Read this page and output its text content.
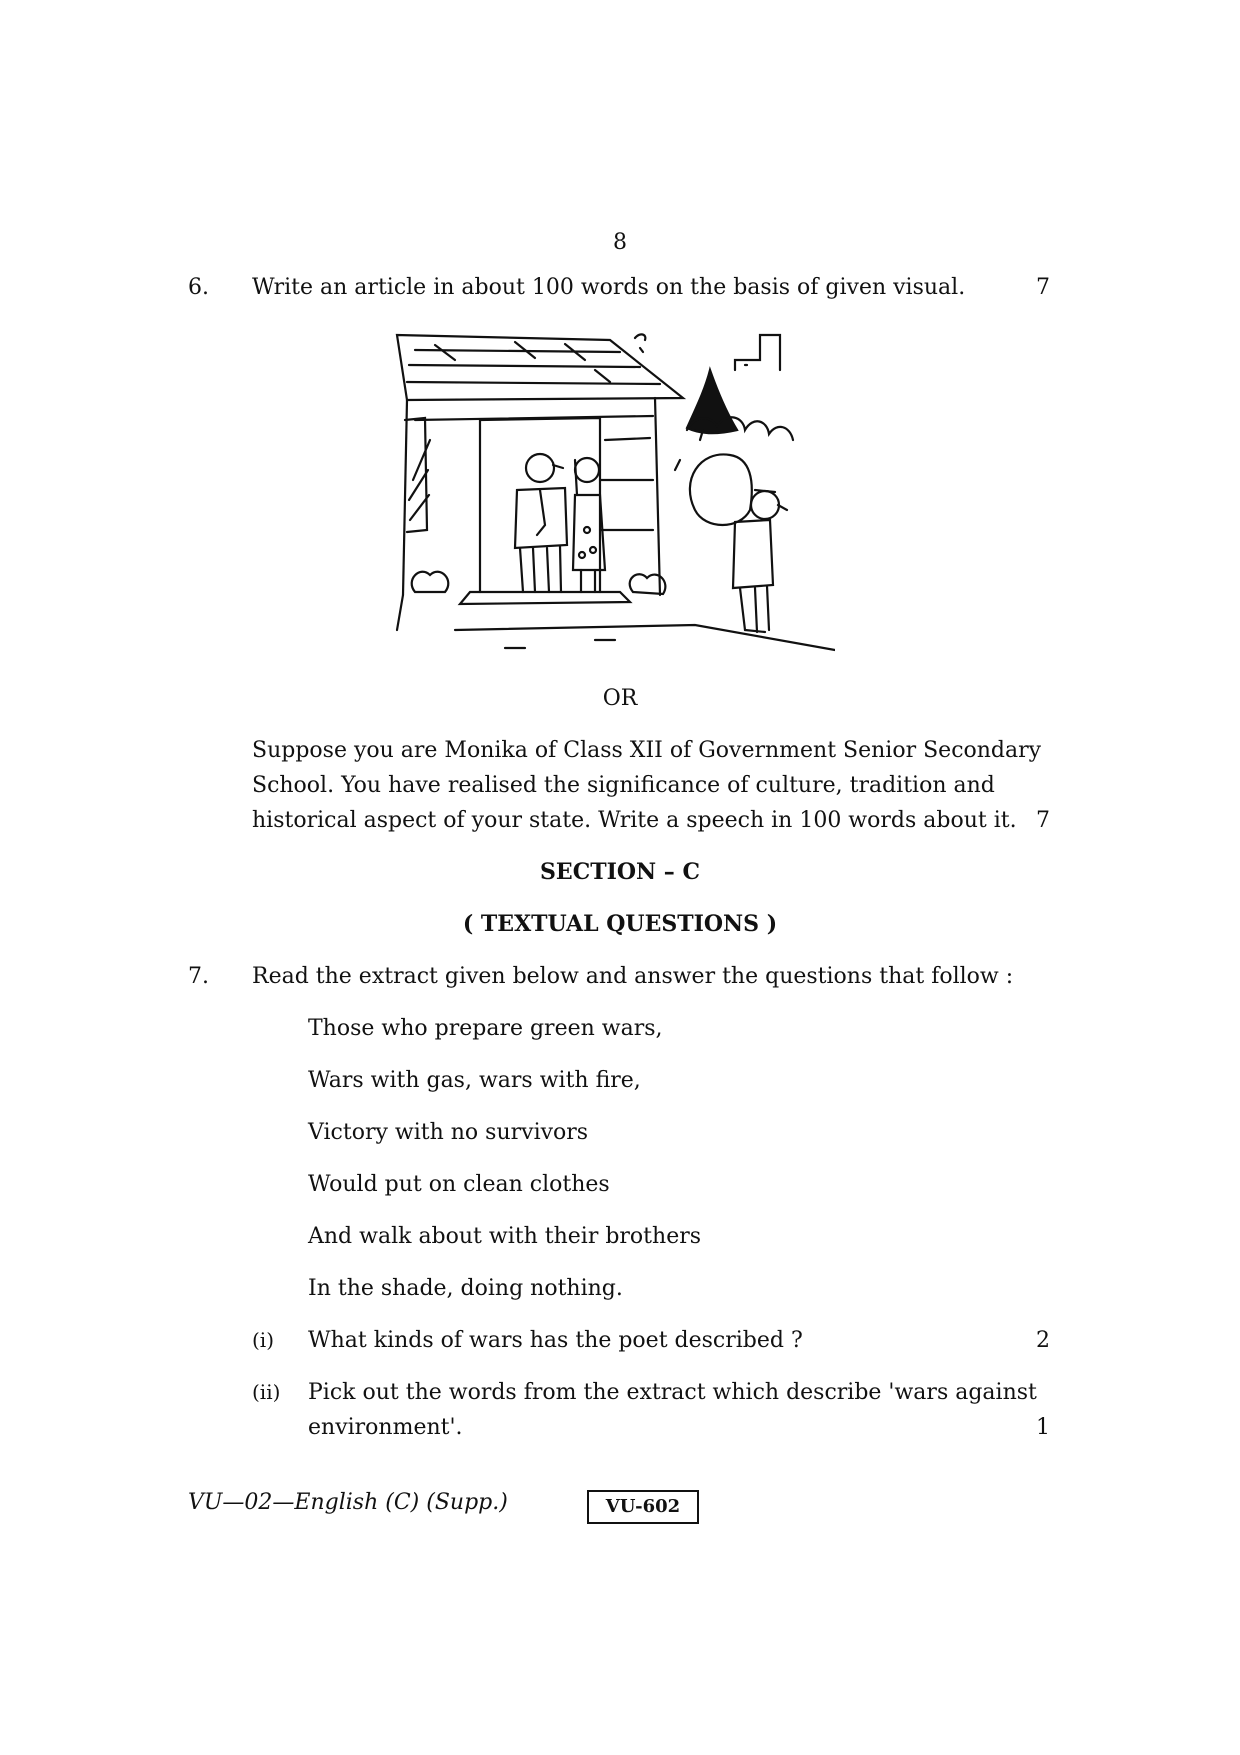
8
6. Write an article in about 100 words on the basis of given visual.	7
OR
Suppose you are Monika of Class XII of Government Senior Secondary
School. You have realised the significance of culture, tradition and
historical aspect of your state. Write a speech in 100 words about it. 7
SECTION – C
( TEXTUAL QUESTIONS )
7. Read the extract given below and answer the questions that follow :
Those who prepare green wars,
Wars with gas, wars with fire,
Victory with no survivors
Would put on clean clothes
And walk about with their brothers
In the shade, doing nothing.
(i) What kinds of wars has the poet described ?	2
(ii) Pick out the words from the extract which describe 'wars against
environment'.	1
VU—02—English (C) (Supp.)	VU-602
